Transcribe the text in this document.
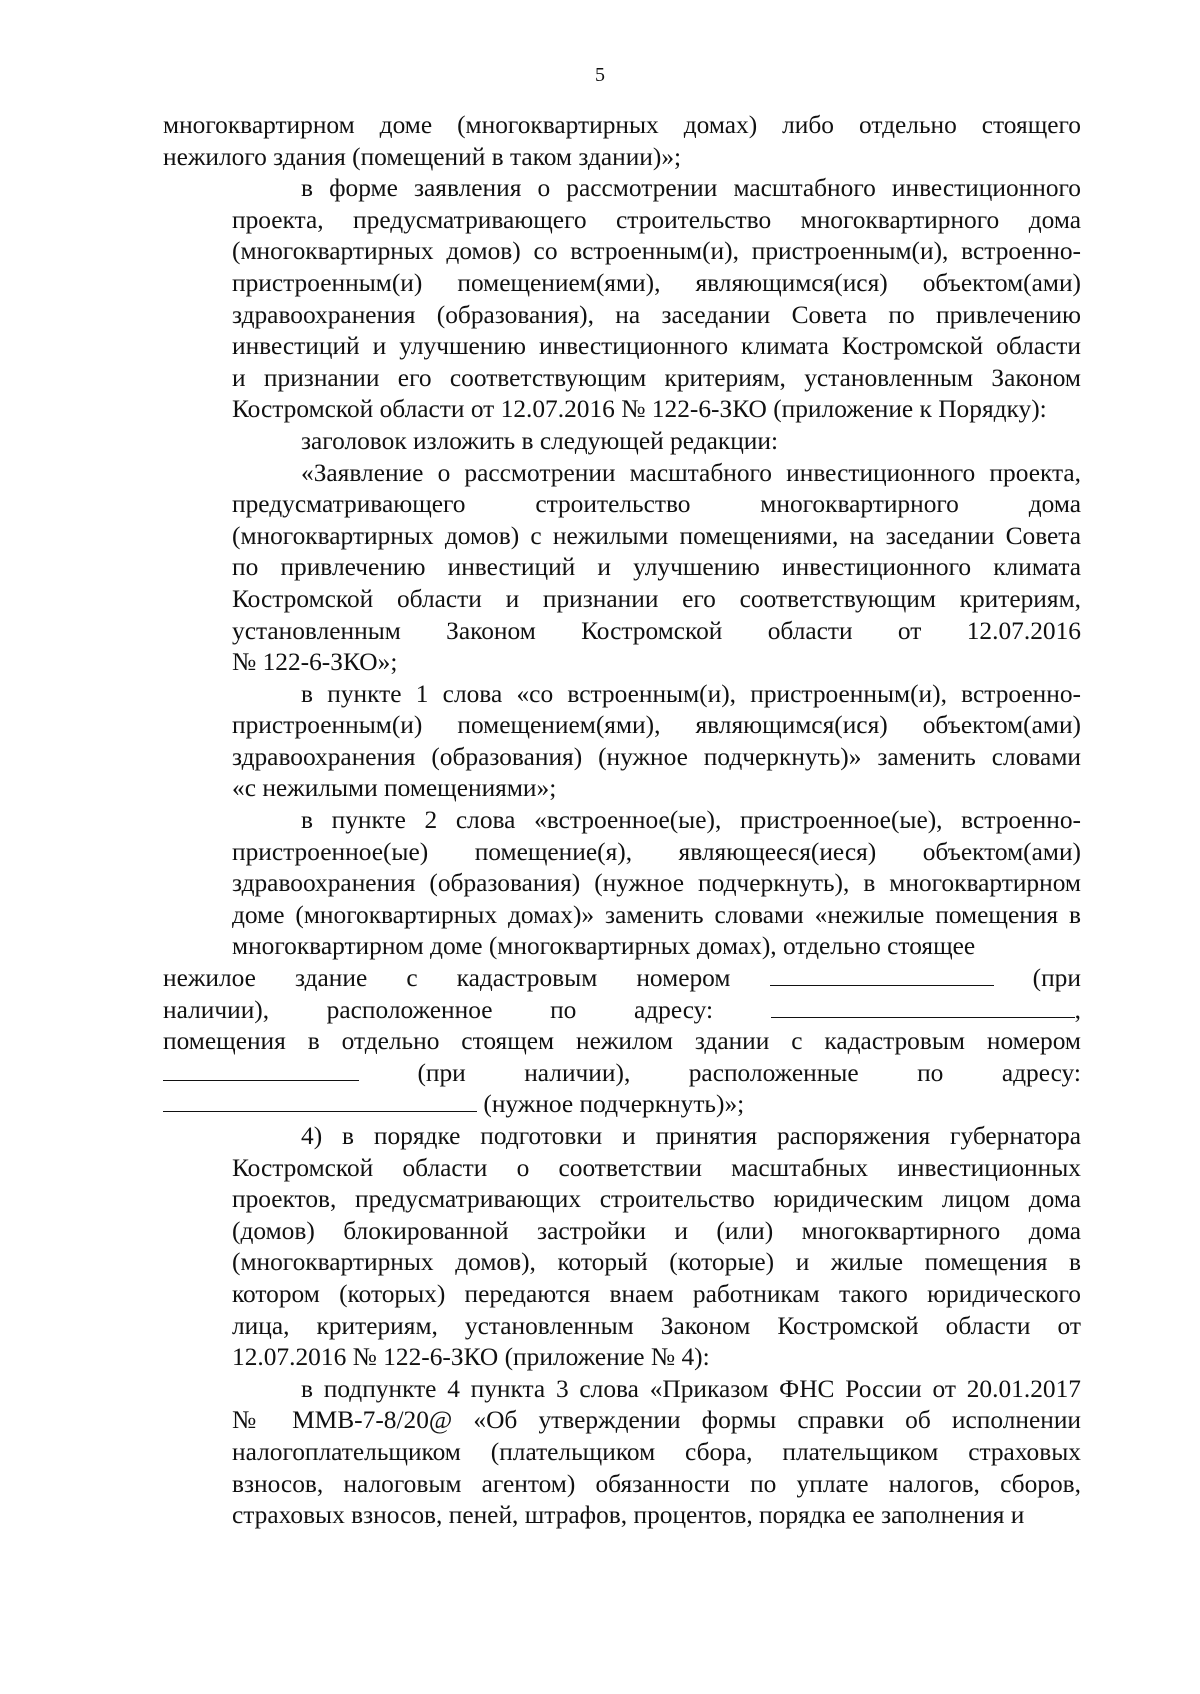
5
многоквартирном доме (многоквартирных домах) либо отдельно стоящего
нежилого здания (помещений в таком здании)»;
в форме заявления о рассмотрении масштабного инвестиционного
проекта, предусматривающего строительство многоквартирного дома
(многоквартирных домов) со встроенным(и), пристроенным(и), встроенно-
пристроенным(и) помещением(ями), являющимся(ися) объектом(ами)
здравоохранения (образования), на заседании Совета по привлечению
инвестиций и улучшению инвестиционного климата Костромской области
и признании его соответствующим критериям, установленным Законом
Костромской области от 12.07.2016 № 122-6-ЗКО (приложение к Порядку):
заголовок изложить в следующей редакции:
«Заявление о рассмотрении масштабного инвестиционного проекта,
предусматривающего строительство многоквартирного дома
(многоквартирных домов) с нежилыми помещениями, на заседании Совета
по привлечению инвестиций и улучшению инвестиционного климата
Костромской области и признании его соответствующим критериям,
установленным Законом Костромской области от 12.07.2016
№ 122-6-ЗКО»;
в пункте 1 слова «со встроенным(и), пристроенным(и), встроенно-
пристроенным(и) помещением(ями), являющимся(ися) объектом(ами)
здравоохранения (образования) (нужное подчеркнуть)» заменить словами
«с нежилыми помещениями»;
в пункте 2 слова «встроенное(ые), пристроенное(ые), встроенно-
пристроенное(ые) помещение(я), являющееся(иеся) объектом(ами)
здравоохранения (образования) (нужное подчеркнуть), в многоквартирном
доме (многоквартирных домах)» заменить словами «нежилые помещения в
многоквартирном доме (многоквартирных домах), отдельно стоящее
нежилое здание с кадастровым номером	(при
наличии), расположенное по адресу:	,
помещения в отдельно стоящем нежилом здании с кадастровым номером
(при наличии), расположенные по адресу:
(нужное подчеркнуть)»;
4) в порядке подготовки и принятия распоряжения губернатора
Костромской области о соответствии масштабных инвестиционных
проектов, предусматривающих строительство юридическим лицом дома
(домов) блокированной застройки и (или) многоквартирного дома
(многоквартирных домов), который (которые) и жилые помещения в
котором (которых) передаются внаем работникам такого юридического
лица, критериям, установленным Законом Костромской области от
12.07.2016 № 122-6-ЗКО (приложение № 4):
в подпункте 4 пункта 3 слова «Приказом ФНС России от 20.01.2017
№ ММВ-7-8/20@ «Об утверждении формы справки об исполнении
налогоплательщиком (плательщиком сбора, плательщиком страховых
взносов, налоговым агентом) обязанности по уплате налогов, сборов,
страховых взносов, пеней, штрафов, процентов, порядка ее заполнения и
